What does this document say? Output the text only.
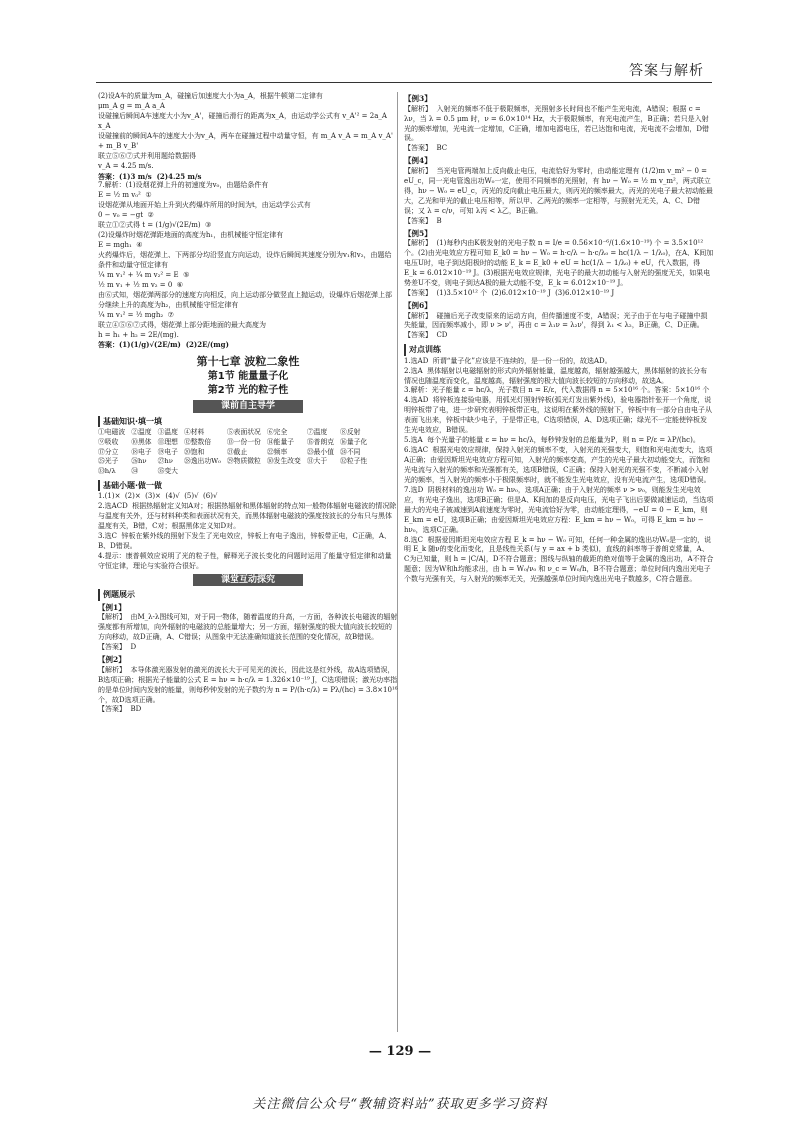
答案与解析

(2)设A车的质量为m_A，碰撞后加速度大小为a_A，根据牛顿第二定律有

μm_A g = m_A a_A

设碰撞后瞬间A车速度大小为v_A'，碰撞后滑行的距离为x_A，由运动学公式有 v_A'² = 2a_A x_A

设碰撞前的瞬间A车的速度大小为v_A，两车在碰撞过程中动量守恒，有 m_A v_A = m_A v_A' + m_B v_B'

联立⑤⑥⑦式并利用题给数据得

v_A = 4.25 m/s.

答案：(1)3 m/s  (2)4.25 m/s

7.解析：(1)设烟花弹上升的初速度为v₀，由题给条件有

E = ½ m v₀²  ①

设烟花弹从地面开始上升到火药爆炸所用的时间为t，由运动学公式有

0 − v₀ = −gt  ②

联立①②式得 t = (1/g)√(2E/m)  ③

(2)设爆炸时烟花弹距地面的高度为h₁，由机械能守恒定律有

E = mgh₁  ④

火药爆炸后，烟花弹上、下两部分均沿竖直方向运动，设炸后瞬间其速度分别为v₁和v₂，由题给条件和动量守恒定律有

¼ m v₁² + ¼ m v₂² = E  ⑤

½ m v₁ + ½ m v₂ = 0  ⑥

由⑥式知，烟花弹两部分的速度方向相反，向上运动部分做竖直上抛运动，设爆炸后烟花弹上部分继续上升的高度为h₂，由机械能守恒定律有

¼ m v₁² = ½ mgh₂  ⑦

联立④⑤⑥⑦式得，烟花弹上部分距地面的最大高度为

h = h₁ + h₂ = 2E/(mg).

答案：(1)(1/g)√(2E/m)  (2)2E/(mg)

第十七章 波粒二象性
第1节 能量量子化
第2节 光的粒子性
课前自主导学
基础知识·填一填
①电磁波 ②温度 ③温度 ④材料	⑤表面状况 ⑥完全	⑦温度	⑧反射
⑨吸收	⑩黑体 ⑪理想 ⑫整数倍	⑬一份一份 ⑭能量子	⑮普朗克 ⑯量子化
⑰分立	⑱电子 ⑲电子 ⑳饱和	㉑截止	㉒频率	㉓最小值 ㉔不同
㉕光子	㉖hν	㉗hν	㉘逸出功W₀ ㉙物质微粒 ㉚发生改变 ㉛大于	㉜粒子性
㉝h/λ	㉞	㉟变大
基础小题·做一做

1.(1)×  (2)×  (3)×  (4)√  (5)√  (6)√

2.选ACD  根据热辐射定义知A对；根据热辐射和黑体辐射的特点知一般物体辐射电磁波的情况除与温度有关外，还与材料种类和表面状况有关，而黑体辐射电磁波的强度按波长的分布只与黑体温度有关，B错，C对；根据黑体定义知D对。

3.选C  锌板在紫外线的照射下发生了光电效应，锌板上有电子逸出，锌板带正电，C正确，A、B、D错误。

4.提示：康普顿效应说明了光的粒子性，解释光子波长变化的问题时运用了能量守恒定律和动量守恒定律，理论与实验符合很好。

课堂互动探究
例题展示
【例1】

【解析】  由M_λ-λ图线可知，对于同一物体，随着温度的升高，一方面，各种波长电磁波的辐射强度都有所增加，向外辐射的电磁波的总能量增大；另一方面，辐射强度的极大值向波长较短的方向移动，故D正确，A、C错误；从图象中无法准确知道波长范围的变化情况，故B错误。

【答案】  D

【例2】

【解析】  本导体激光器发射的激光的波长大于可见光的波长，因此这是红外线，故A选项错误，B选项正确；根据光子能量的公式 E = hν = h·c/λ = 1.326×10⁻¹⁹ J，C选项错误；激光功率指的是单位时间内发射的能量，则每秒钟发射的光子数约为 n = P/(h·c/λ) = Pλ/(hc) = 3.8×10¹⁶ 个，故D选项正确。

【答案】  BD

【例3】

【解析】  入射光的频率不低于极限频率，光照射多长时间也不能产生光电流，A错误；根据 c = λν，当 λ = 0.5 μm 时，ν = 6.0×10¹⁴ Hz，大于极限频率，有光电流产生，B正确；若只是入射光的频率增加，光电流一定增加，C正确，增加电源电压，若已达饱和电流，光电流不会增加，D错误。

【答案】  BC

【例4】

【解析】  当光电管两端加上反向截止电压，电流恰好为零时，由动能定理有 (1/2)m v_m² − 0 = eU_c，同一光电管逸出功W₀一定，使用不同频率的光照射，有 hν − W₀ = ½ m v_m²，两式联立得，hν − W₀ = eU_c，丙光的反向截止电压最大，则丙光的频率最大，丙光的光电子最大初动能最大，乙光和甲光的截止电压相等，所以甲、乙两光的频率一定相等，与照射光无关，A、C、D错误；又 λ = c/ν，可知 λ丙 < λ乙，B正确。

【答案】  B

【例5】

【解析】  (1)每秒内由K极发射的光电子数 n = I/e = 0.56×10⁻⁶/(1.6×10⁻¹⁹) 个 = 3.5×10¹² 个。(2)由光电效应方程可知 E_k0 = hν − W₀ = h·c/λ − h·c/λ₀ = hc(1/λ − 1/λ₀)，在A、K间加电压U时，电子到达阳极时的动能 E_k = E_k0 + eU = hc(1/λ − 1/λ₀) + eU，代入数据，得 E_k = 6.012×10⁻¹⁹ J。(3)根据光电效应规律，光电子的最大初动能与入射光的强度无关，如果电势差U不变，则电子到达A极的最大动能不变，E_k = 6.012×10⁻¹⁹ J。

【答案】  (1)3.5×10¹² 个  (2)6.012×10⁻¹⁹ J  (3)6.012×10⁻¹⁹ J

【例6】

【解析】  碰撞后光子改变原来的运动方向，但传播速度不变，A错误；光子由于在与电子碰撞中损失能量，因而频率减小，即 ν > ν'，再由 c = λ₁ν = λ₂ν'，得到 λ₁ < λ₂，B正确，C、D正确。

【答案】  CD

对点训练

1.选AD  所谓“量子化”应该是不连续的，是一份一份的，故选AD。

2.选A  黑体辐射以电磁辐射的形式向外辐射能量，温度越高，辐射越强越大，黑体辐射的波长分布情况也随温度而变化，温度越高，辐射强度的极大值向波长较短的方向移动，故选A。

3.解析：光子能量 ε = hc/λ，光子数目 n = E/ε，代入数据得 n = 5×10¹⁶ 个。答案：5×10¹⁶ 个

4.选AD  将锌板连接验电器，用弧光灯照射锌板(弧光灯发出紫外线)，验电器指针张开一个角度，说明锌板带了电，进一步研究表明锌板带正电，这说明在紫外线的照射下，锌板中有一部分自由电子从表面飞出来，锌板中缺少电子，于是带正电，C选项错误，A、D选项正确；绿光不一定能使锌板发生光电效应，B错误。

5.选A  每个光量子的能量 ε = hν = hc/λ，每秒钟发射的总能量为P，则 n = P/ε = λP/(hc)。

6.选AC  根据光电效应规律，保持入射光的频率不变，入射光的光强变大，则饱和光电流变大，选项A正确；由爱因斯坦光电效应方程可知，入射光的频率变高，产生的光电子最大初动能变大，而饱和光电流与入射光的频率和光强都有关，选项B错误，C正确；保持入射光的光强不变，不断减小入射光的频率，当入射光的频率小于极限频率时，就不能发生光电效应，没有光电流产生，选项D错误。

7.选D  阴极材料的逸出功 W₀ = hν₀，选项A正确；由于入射光的频率 ν > ν₀，则能发生光电效应，有光电子逸出，选项B正确；但是A、K间加的是反向电压，光电子飞出后要做减速运动，当选项最大的光电子被减速到A前速度为零时，光电流恰好为零，由动能定理得，−eU = 0 − E_km，则 E_km = eU，选项B正确；由爱因斯坦光电效应方程：E_km = hν − W₀，可得 E_km = hν − hν₀，选项C正确。

8.选C  根据爱因斯坦光电效应方程 E_k = hν − W₀ 可知，任何一种金属的逸出功W₀是一定的，说明 E_k 随ν的变化而变化，且是线性关系(与 y = ax + b 类似)，直线的斜率等于普朗克常量，A、C为已知量，则 h = |C/A|，D不符合题意；图线与纵轴的截距的绝对值等于金属的逸出功，A不符合题意；因为W和h均能求出，由 h = W₀/ν₀ 和 ν_c = W₀/h，B不符合题意；单位时间内逸出光电子个数与光强有关，与入射光的频率无关，光强越强单位时间内逸出光电子数越多，C符合题意。

— 129 —
关注微信公众号“教辅资料站”获取更多学习资料
